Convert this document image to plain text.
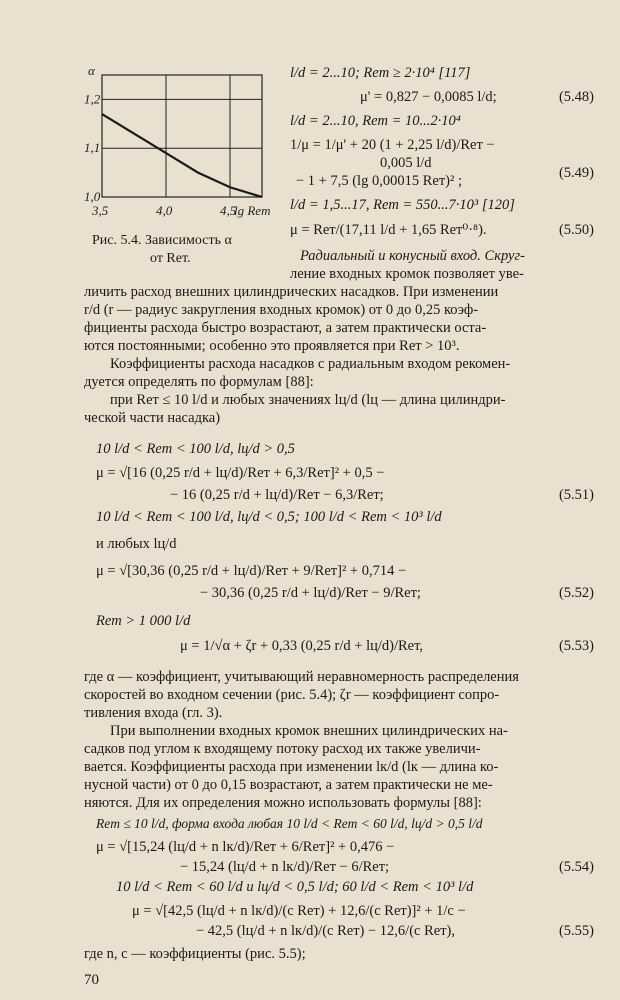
α
1,2
1,1
1,0
3,5	4,0	4,5
lg Reт
Рис. 5.4. Зависимость α
от Reт.
l/d = 2...10; Reт ≥ 2·10⁴ [117]
μ' = 0,827 − 0,0085 l/d;	(5.48)
l/d = 2...10, Reт = 10...2·10⁴
1/μ = 1/μ' + 20 (1 + 2,25 l/d)/Reт −
0,005 l/d
− 1 + 7,5 (lg 0,00015 Reт)² ;	(5.49)
l/d = 1,5...17, Reт = 550...7·10³ [120]
μ = Reт/(17,11 l/d + 1,65 Reт⁰·⁸).	(5.50)
Радиальный и конусный вход. Скруг-
ление входных кромок позволяет уве-
личить расход внешних цилиндрических насадков. При изменении
r/d (r — радиус закругления входных кромок) от 0 до 0,25 коэф-
фициенты расхода быстро возрастают, а затем практически оста-
ются постоянными; особенно это проявляется при Reт > 10³.
Коэффициенты расхода насадков с радиальным входом рекомен-
дуется определять по формулам [88]:
при Reт ≤ 10 l/d и любых значениях lц/d (lц — длина цилиндри-
ческой части насадка)
10 l/d < Reт < 100 l/d, lц/d > 0,5
μ = √[16 (0,25 r/d + lц/d)/Reт + 6,3/Reт]² + 0,5 −
− 16 (0,25 r/d + lц/d)/Reт − 6,3/Reт;	(5.51)
10 l/d < Reт < 100 l/d, lц/d < 0,5; 100 l/d < Reт < 10³ l/d
и любых lц/d
μ = √[30,36 (0,25 r/d + lц/d)/Reт + 9/Reт]² + 0,714 −
− 30,36 (0,25 r/d + lц/d)/Reт − 9/Reт;	(5.52)
Reт > 1 000 l/d
μ = 1/√α + ζr + 0,33 (0,25 r/d + lц/d)/Reт,	(5.53)
где α — коэффициент, учитывающий неравномерность распределения
скоростей во входном сечении (рис. 5.4); ζr — коэффициент сопро-
тивления входа (гл. 3).
При выполнении входных кромок внешних цилиндрических на-
садков под углом к входящему потоку расход их также увеличи-
вается. Коэффициенты расхода при изменении lк/d (lк — длина ко-
нусной части) от 0 до 0,15 возрастают, а затем практически не ме-
няются. Для их определения можно использовать формулы [88]:
Reт ≤ 10 l/d, форма входа любая 10 l/d < Reт < 60 l/d, lц/d > 0,5 l/d
μ = √[15,24 (lц/d + n lк/d)/Reт + 6/Reт]² + 0,476 −
− 15,24 (lц/d + n lк/d)/Reт − 6/Reт;	(5.54)
10 l/d < Reт < 60 l/d и lц/d < 0,5 l/d; 60 l/d < Reт < 10³ l/d
μ = √[42,5 (lц/d + n lк/d)/(c Reт) + 12,6/(c Reт)]² + 1/c −
− 42,5 (lц/d + n lк/d)/(c Reт) − 12,6/(c Reт),	(5.55)
где n, c — коэффициенты (рис. 5.5);
70
